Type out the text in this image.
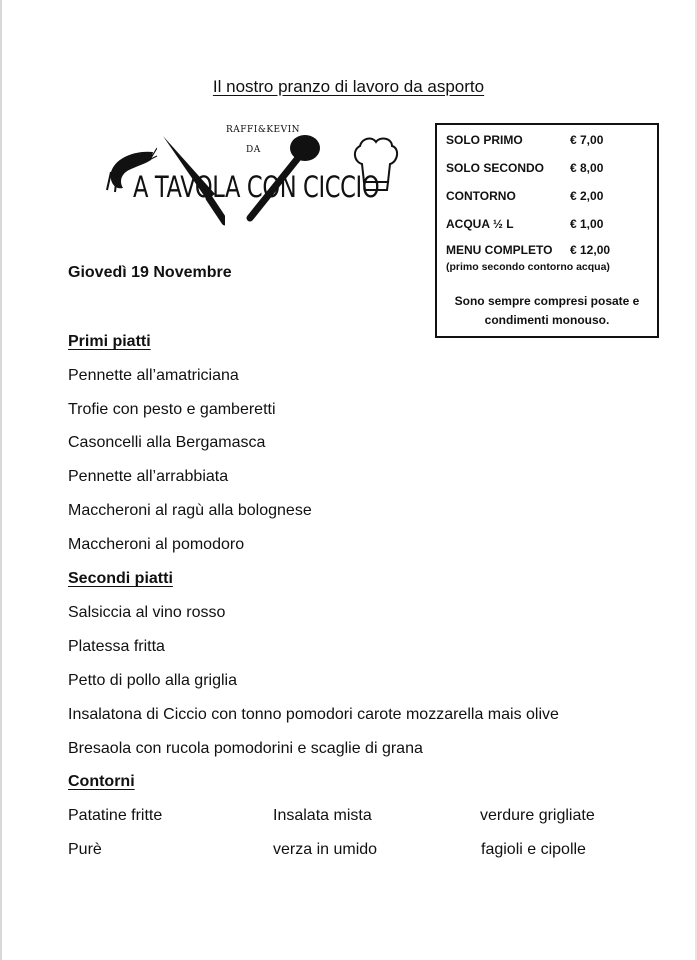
Il nostro pranzo di lavoro da asporto
RAFFI&KEVIN
DA
A TAVOLA CON CICCIO
SOLO PRIMO	€ 7,00
SOLO SECONDO € 8,00
CONTORNO	€ 2,00
ACQUA ½ L	€ 1,00
MENU COMPLETO € 12,00
(primo secondo contorno acqua)
Sono sempre compresi posate e
condimenti monouso.
Giovedì 19 Novembre
Primi piatti
Pennette all’amatriciana
Trofie con pesto e gamberetti
Casoncelli alla Bergamasca
Pennette all’arrabbiata
Maccheroni al ragù alla bolognese
Maccheroni al pomodoro
Secondi piatti
Salsiccia al vino rosso
Platessa fritta
Petto di pollo alla griglia
Insalatona di Ciccio con tonno pomodori carote mozzarella mais olive
Bresaola con rucola pomodorini e scaglie di grana
Contorni
Patatine fritte	Insalata mista	verdure grigliate
Purè	verza in umido	fagioli e cipolle
